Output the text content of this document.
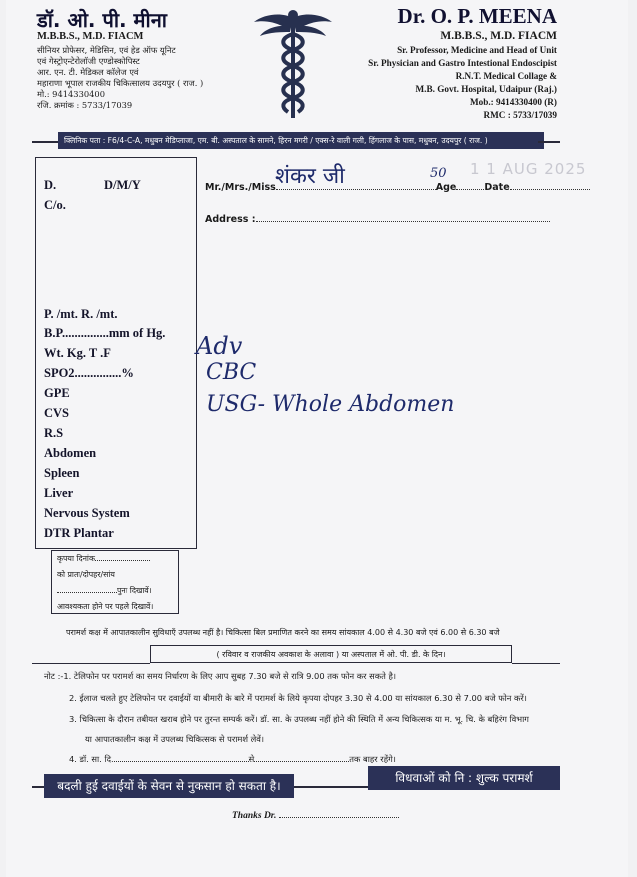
डॉ. ओ. पी. मीना
M.B.B.S., M.D. FIACM
सीनियर प्रोफेसर, मेडिसिन, एवं हेड ऑफ यूनिट
एवं गेस्ट्रोएन्टेरोलॉजी एण्डोस्कोपिस्ट
आर. एन. टी. मेडिकल कॉलेज एवं
महाराणा भूपाल राजकीय चिकित्सालय उदयपुर ( राज. )
मो.: 9414330400
रजि. क्रमांक : 5733/17039
Dr. O. P. MEENA
M.B.B.S., M.D. FIACM
Sr. Professor, Medicine and Head of Unit
Sr. Physician and Gastro Intestional Endoscipist
R.N.T. Medical Collage &
M.B. Govt. Hospital, Udaipur (Raj.)
Mob.: 9414330400 (R)
RMC : 5733/17039
क्लिनिक पता : F6/4-C-A, मधुबन मेडिप्लाजा, एम. बी. अस्पताल के सामने, हिरन मगरी / एक्स-रे वाली गली, हिंगलाज के पास, मधुबन, उदयपुर ( राज. )
D.	D/M/Y
C/o.
P. /mt. R. /mt.
B.P...............mm of Hg.
Wt. Kg. T .F
SPO2...............%
GPE
CVS
R.S
Abdomen
Spleen
Liver
Nervous System
DTR Plantar
कृपया दिनांक
को प्रातः/दोपहर/सांय
पुनः दिखावें।
आवश्यकता होने पर पहले दिखावें।
Mr./Mrs./Miss	Age	Date
शंकर जी	50 1 1 AUG 2025
Address :
Adv
CBC
USG- Whole Abdomen
परामर्श कक्ष में आपातकालीन सुविधाएँ उपलब्ध नहीं है। चिकित्सा बिल प्रमाणित करने का समय सांयकाल 4.00 से 4.30 बजे एवं 6.00 से 6.30 बजे
( रविवार व राजकीय अवकाश के अलावा ) या अस्पताल में ओ. पी. डी. के दिन।
नोट :-1. टेलिफोन पर परामर्श का समय निर्धारण के लिए आप सुबह 7.30 बजे से रात्रि 9.00 तक फोन कर सकते है।
2. ईलाज चलते हुए टेलिफोन पर दवाईयों या बीमारी के बारे में परामर्श के लिये कृपया दोपहर 3.30 से 4.00 या सांयकाल 6.30 से 7.00 बजे फोन करें।
3. चिकित्सा के दौरान तबीयत खराब होने पर तुरन्त सम्पर्क करें। डॉ. सा. के उपलब्ध नहीं होने की स्थिति में अन्य चिकित्सक या म. भू. चि. के बहिरंग विभाग
या आपातकालीन कक्ष में उपलब्ध चिकित्सक से परामर्श लेवें।
4. डॉ. सा. दि.	से	तक बाहर रहेंगे।
बदली हुई दवाईयों के सेवन से नुकसान हो सकता है।
विधवाओं को नि : शुल्क परामर्श
Thanks Dr.
